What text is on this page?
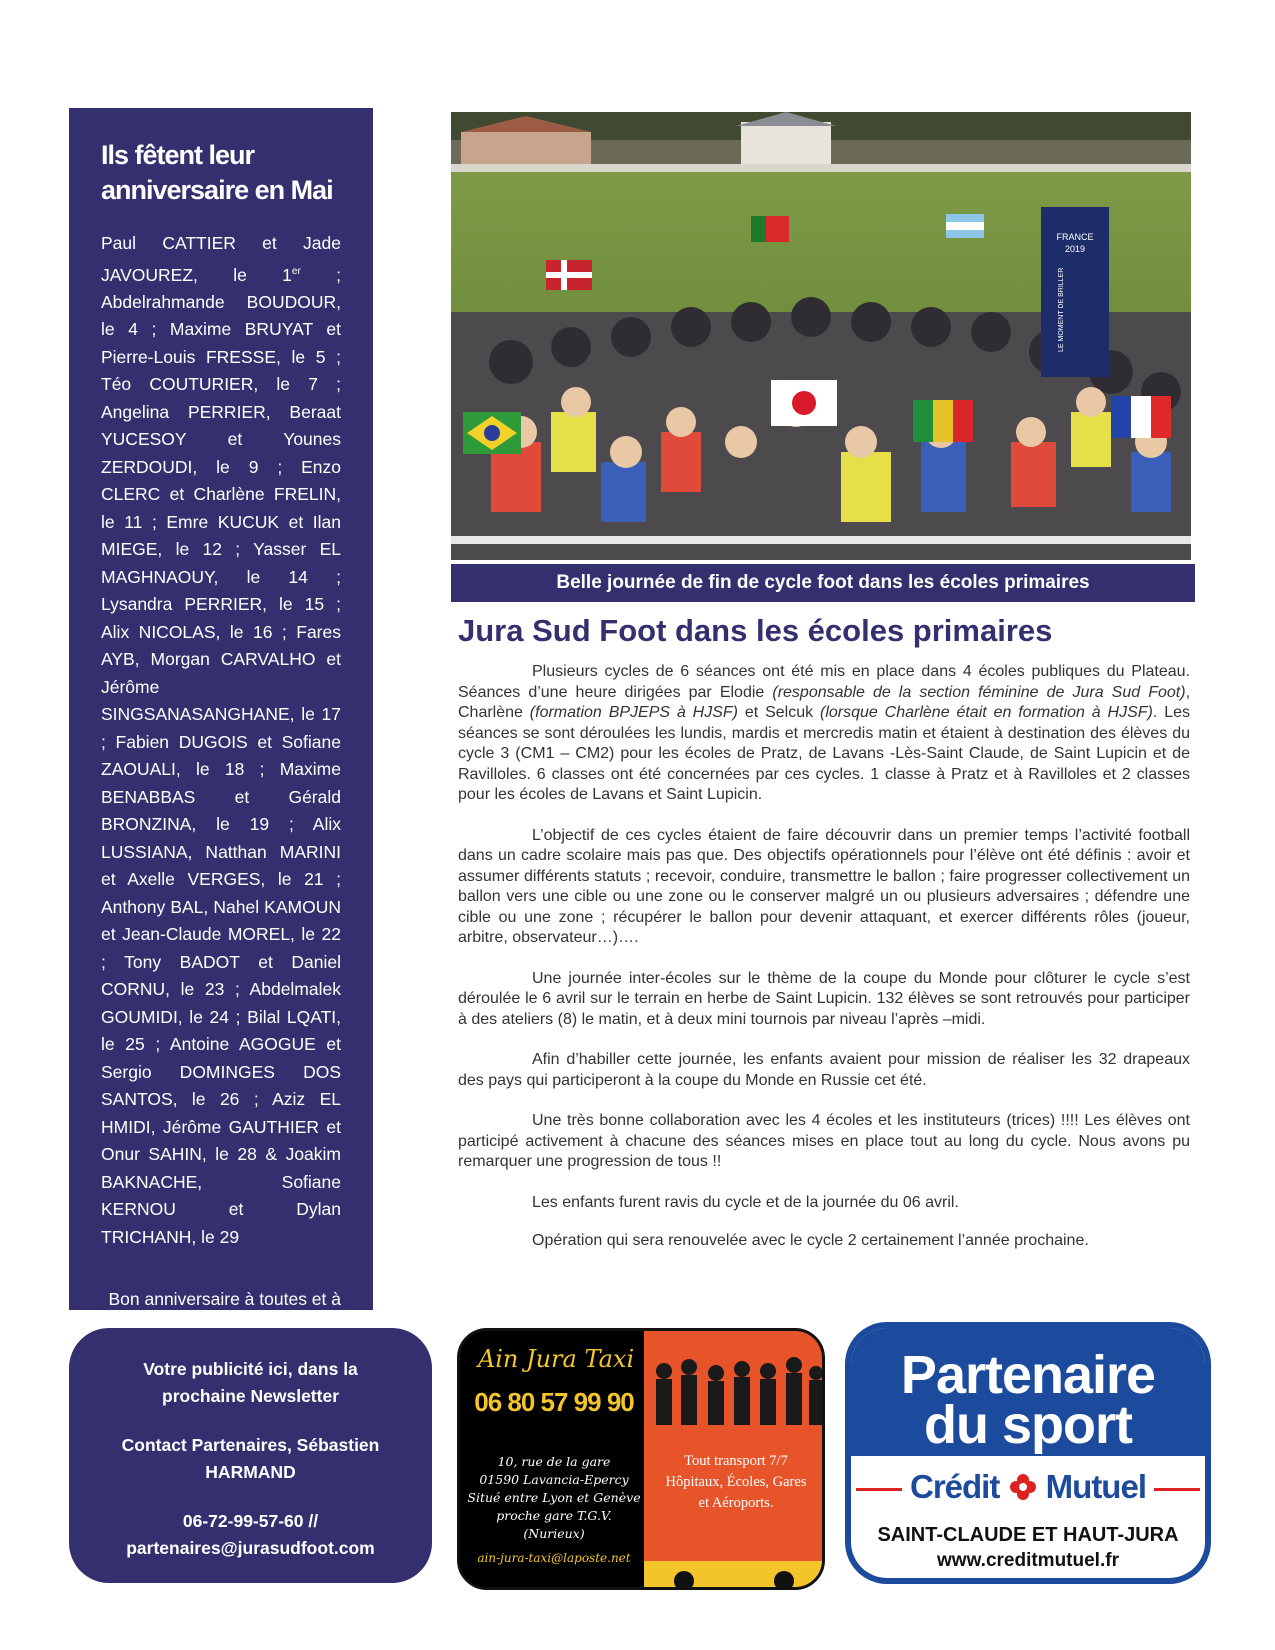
Ils fêtent leur
anniversaire en Mai
Paul CATTIER et Jade JAVOUREZ, le 1er ; Abdelrahmande BOUDOUR, le 4 ; Maxime BRUYAT et Pierre-Louis FRESSE, le 5 ; Téo COUTURIER, le 7 ; Angelina PERRIER, Beraat YUCESOY et Younes ZERDOUDI, le 9 ; Enzo CLERC et Charlène FRELIN, le 11 ; Emre KUCUK et Ilan MIEGE, le 12 ; Yasser EL MAGHNAOUY, le 14 ; Lysandra PERRIER, le 15 ; Alix NICOLAS, le 16 ; Fares AYB, Morgan CARVALHO et Jérôme SINGSANASANGHANE, le 17 ; Fabien DUGOIS et Sofiane ZAOUALI, le 18 ; Maxime BENABBAS et Gérald BRONZINA, le 19 ; Alix LUSSIANA, Natthan MARINI et Axelle VERGES, le 21 ; Anthony BAL, Nahel KAMOUN et Jean-Claude MOREL, le 22 ; Tony BADOT et Daniel CORNU, le 23 ; Abdelmalek GOUMIDI, le 24 ; Bilal LQATI, le 25 ; Antoine AGOGUE et Sergio DOMINGES DOS SANTOS, le 26 ; Aziz EL HMIDI, Jérôme GAUTHIER et Onur SAHIN, le 28 & Joakim BAKNACHE, Sofiane KERNOU et Dylan TRICHANH, le 29
Bon anniversaire à toutes et à

FRANCE
2019
LE MOMENT DE BRILLER
Belle journée de fin de cycle foot dans les écoles primaires
Jura Sud Foot dans les écoles primaires

Plusieurs cycles de 6 séances ont été mis en place dans 4 écoles publiques du Plateau. Séances d’une heure dirigées par Elodie (responsable de la section féminine de Jura Sud Foot), Charlène (formation BPJEPS à HJSF) et Selcuk (lorsque Charlène était en formation à HJSF). Les séances se sont déroulées les lundis, mardis et mercredis matin et étaient à destination des élèves du cycle 3 (CM1 – CM2) pour les écoles de Pratz, de Lavans -Lès-Saint Claude, de Saint Lupicin et de Ravilloles. 6 classes ont été concernées par ces cycles. 1 classe à Pratz et à Ravilloles et 2 classes pour les écoles de Lavans et Saint Lupicin.

L’objectif de ces cycles étaient de faire découvrir dans un premier temps l’activité football dans un cadre scolaire mais pas que. Des objectifs opérationnels pour l’élève ont été définis : avoir et assumer différents statuts ; recevoir, conduire, transmettre le ballon ; faire progresser collectivement un ballon vers une cible ou une zone ou le conserver malgré un ou plusieurs adversaires ; défendre une cible ou une zone ; récupérer le ballon pour devenir attaquant, et exercer différents rôles (joueur, arbitre, observateur…)….

Une journée inter-écoles sur le thème de la coupe du Monde pour clôturer le cycle s’est déroulée le 6 avril sur le terrain en herbe de Saint Lupicin. 132 élèves se sont retrouvés pour participer à des ateliers (8) le matin, et à deux mini tournois par niveau l’après –midi.

Afin d’habiller cette journée, les enfants avaient pour mission de réaliser les 32 drapeaux des pays qui participeront à la coupe du Monde en Russie cet été.

Une très bonne collaboration avec les 4 écoles et les instituteurs (trices) !!!! Les élèves ont participé activement à chacune des séances mises en place tout au long du cycle. Nous avons pu remarquer une progression de tous !!

Les enfants furent ravis du cycle et de la journée du 06 avril.

Opération qui sera renouvelée avec le cycle 2 certainement l’année prochaine.

Votre publicité ici, dans la
prochaine Newsletter
Contact Partenaires, Sébastien
HARMAND
06-72-99-57-60 //
partenaires@jurasudfoot.com
Ain Jura Taxi
06 80 57 99 90
10, rue de la gare
01590 Lavancia-Epercy
Situé entre Lyon et Genève
proche gare T.G.V. (Nurieux)
ain-jura-taxi@laposte.net
Tout transport 7/7
Hôpitaux, Écoles, Gares
et Aéroports.
Partenaire
du sport
Crédit Mutuel
SAINT-CLAUDE ET HAUT-JURA
www.creditmutuel.fr
